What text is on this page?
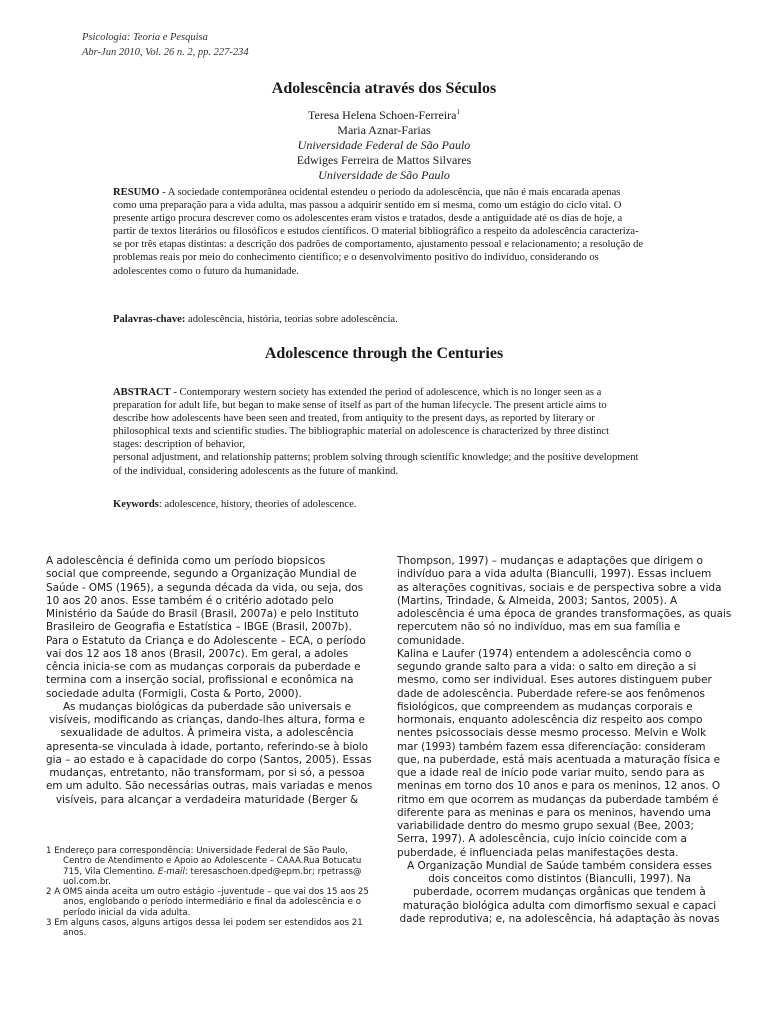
Psicologia: Teoria e Pesquisa
Abr-Jun 2010, Vol. 26 n. 2, pp. 227-234
Adolescência através dos Séculos
Teresa Helena Schoen-Ferreira$^1$
Maria Aznar-Farias
Universidade Federal de São Paulo
Edwiges Ferreira de Mattos Silvares
Universidade de São Paulo
RESUMO - A sociedade contemporânea ocidental estendeu o período da adolescência, que não é mais encarada apenas
como uma preparação para a vida adulta, mas passou a adquirir sentido em si mesma, como um estágio do ciclo vital. O
presente artigo procura descrever como os adolescentes eram vistos e tratados, desde a antiguidade até os dias de hoje, a
partir de textos literários ou filosóficos e estudos científicos. O material bibliográfico a respeito da adolescência caracteriza-
se por três etapas distintas: a descrição dos padrões de comportamento, ajustamento pessoal e relacionamento; a resolução de
problemas reais por meio do conhecimento científico; e o desenvolvimento positivo do indivíduo, considerando os
adolescentes como o futuro da humanidade.
Palavras-chave: adolescência, história, teorias sobre adolescência.
Adolescence through the Centuries
ABSTRACT - Contemporary western society has extended the period of adolescence, which is no longer seen as a
preparation for adult life, but began to make sense of itself as part of the human lifecycle. The present article aims to
describe how adolescents have been seen and treated, from antiquity to the present days, as reported by literary or
philosophical texts and scientific studies. The bibliographic material on adolescence is characterized by three distinct
stages: description of behavior,
personal adjustment, and relationship patterns; problem solving through scientific knowledge; and the positive development
of the individual, considering adolescents as the future of mankind.
Keywords: adolescence, history, theories of adolescence.
A adolescência é definida como um período biopsicos
social que compreende, segundo a Organização Mundial de
Saúde - OMS (1965), a segunda década da vida, ou seja, dos
10 aos 20 anos. Esse também é o critério adotado pelo
Ministério da Saúde do Brasil (Brasil, 2007a) e pelo Instituto
Brasileiro de Geografia e Estatística – IBGE (Brasil, 2007b).
Para o Estatuto da Criança e do Adolescente – ECA, o período
vai dos 12 aos 18 anos (Brasil, 2007c). Em geral, a adoles
cência inicia-se com as mudanças corporais da puberdade e
termina com a inserção social, profissional e econômica na
sociedade adulta (Formigli, Costa & Porto, 2000).
As mudanças biológicas da puberdade são universais e
visíveis, modificando as crianças, dando-lhes altura, forma e
sexualidade de adultos. À primeira vista, a adolescência
apresenta-se vinculada à idade, portanto, referindo-se à biolo
gia – ao estado e à capacidade do corpo (Santos, 2005). Essas
mudanças, entretanto, não transformam, por si só, a pessoa
em um adulto. São necessárias outras, mais variadas e menos
visíveis, para alcançar a verdadeira maturidade (Berger &
Thompson, 1997) – mudanças e adaptações que dirigem o
indivíduo para a vida adulta (Bianculli, 1997). Essas incluem
as alterações cognitivas, sociais e de perspectiva sobre a vida
(Martins, Trindade, & Almeida, 2003; Santos, 2005). A
adolescência é uma época de grandes transformações, as quais
repercutem não só no indivíduo, mas em sua família e
comunidade.
Kalina e Laufer (1974) entendem a adolescência como o
segundo grande salto para a vida: o salto em direção a si
mesmo, como ser individual. Eses autores distinguem puber
dade de adolescência. Puberdade refere-se aos fenômenos
fisiológicos, que compreendem as mudanças corporais e
hormonais, enquanto adolescência diz respeito aos compo
nentes psicossociais desse mesmo processo. Melvin e Wolk
mar (1993) também fazem essa diferenciação: consideram
que, na puberdade, está mais acentuada a maturação física e
que a idade real de início pode variar muito, sendo para as
meninas em torno dos 10 anos e para os meninos, 12 anos. O
ritmo em que ocorrem as mudanças da puberdade também é
diferente para as meninas e para os meninos, havendo uma
variabilidade dentro do mesmo grupo sexual (Bee, 2003;
Serra, 1997). A adolescência, cujo início coincide com a
puberdade, é influenciada pelas manifestações desta.
A Organização Mundial de Saúde também considera esses
dois conceitos como distintos (Bianculli, 1997). Na
puberdade, ocorrem mudanças orgânicas que tendem à
maturação biológica adulta com dimorfismo sexual e capaci
dade reprodutiva; e, na adolescência, há adaptação às novas
1 Endereço para correspondência: Universidade Federal de São Paulo,
Centro de Atendimento e Apoio ao Adolescente – CAAA.Rua Botucatu
715, Vila Clementino. E-mail: teresaschoen.dped@epm.br; rpetrass@
uol.com.br.
2 A OMS ainda aceita um outro estágio –juventude – que vai dos 15 aos 25
anos, englobando o período intermediário e final da adolescência e o
período inicial da vida adulta.
3 Em alguns casos, alguns artigos dessa lei podem ser estendidos aos 21
anos.
